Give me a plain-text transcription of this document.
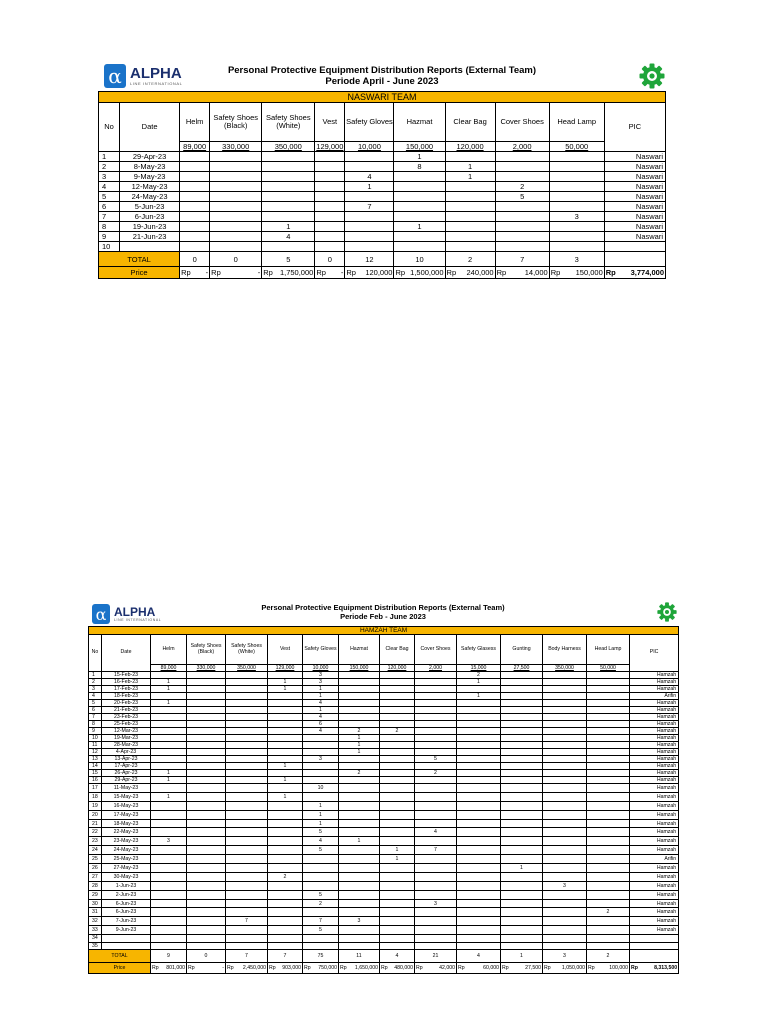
α ALPHA
LINE INTERNATIONAL
Personal Protective Equipment Distribution Reports (External Team)
Periode April - June 2023
NASWARI TEAM											
No	Date	Helm	Safety Shoes (Black)	Safety Shoes (White)	Vest	Safety Gloves	Hazmat	Clear Bag	Cover Shoes	Head Lamp	PIC
		89,000	330,000	350,000	129,000	10,000	150,000	120,000	2,000	50,000	
1	29-Apr-23						1				Naswari
2	8-May-23						8	1			Naswari
3	9-May-23					4		1			Naswari
4	12-May-23					1			2		Naswari
5	24-May-23								5		Naswari
6	5-Jun-23					7					Naswari
7	6-Jun-23									3	Naswari
8	19-Jun-23			1			1				Naswari
9	21-Jun-23			4							Naswari
10											
TOTAL		0	0	5	0	12	10	2	7	3	
Price		Rp -	Rp -	Rp 1,750,000	Rp -	Rp 120,000	Rp 1,500,000	Rp 240,000	Rp 14,000	Rp 150,000	Rp 3,774,000
α ALPHA
LINE INTERNATIONAL
Personal Protective Equipment Distribution Reports (External Team)
Periode Feb - June 2023
HAMZAH TEAM														
No	Date	Helm	Safety Shoes (Black)	Safety Shoes (White)	Vest	Safety Gloves	Hazmat	Clear Bag	Cover Shoes	Safety Glasess	Gunting	Body Harness	Head Lamp	PIC
		89,000	330,000	350,000	129,000	10,000	150,000	120,000	2,000	15,000	27,500	350,000	50,000	
1	15-Feb-23					3				2				Hamzah
2	16-Feb-23	1			1	3				1				Hamzah
3	17-Feb-23	1			1	1								Hamzah
4	18-Feb-23					1				1				Arifin
5	20-Feb-23	1				4								Hamzah
6	21-Feb-23					1								Hamzah
7	23-Feb-23					4								Hamzah
8	25-Feb-23					6								Hamzah
9	12-Mar-23					4	2	2						Hamzah
10	19-Mar-23						1							Hamzah
11	28-Mar-23						1							Hamzah
12	4-Apr-23						1							Hamzah
13	13-Apr-23					3			5					Hamzah
14	17-Apr-23				1									Hamzah
15	26-Apr-23	1					2		2					Hamzah
16	29-Apr-23	1			1									Hamzah
17	11-May-23					10								Hamzah
18	15-May-23	1			1									Hamzah
19	16-May-23					1								Hamzah
20	17-May-23					1								Hamzah
21	18-May-23					1								Hamzah
22	22-May-23					5			4					Hamzah
23	23-May-23	3				4	1							Hamzah
24	24-May-23					5		1	7					Hamzah
25	25-May-23							1						Arifin
26	27-May-23										1			Hamzah
27	30-May-23				2									Hamzah
28	1-Jun-23											3		Hamzah
29	2-Jun-23					5								Hamzah
30	6-Jun-23					2			3					Hamzah
31	6-Jun-23												2	Hamzah
32	7-Jun-23			7		7	3							Hamzah
33	9-Jun-23					5								Hamzah
34														
35														
TOTAL		9	0	7	7	75	11	4	21	4	1	3	2	
Price		Rp 801,000	Rp -	Rp 2,450,000	Rp 903,000	Rp 750,000	Rp 1,650,000	Rp 480,000	Rp 42,000	Rp 60,000	Rp 27,500	Rp 1,050,000	Rp 100,000	Rp 8,313,500
